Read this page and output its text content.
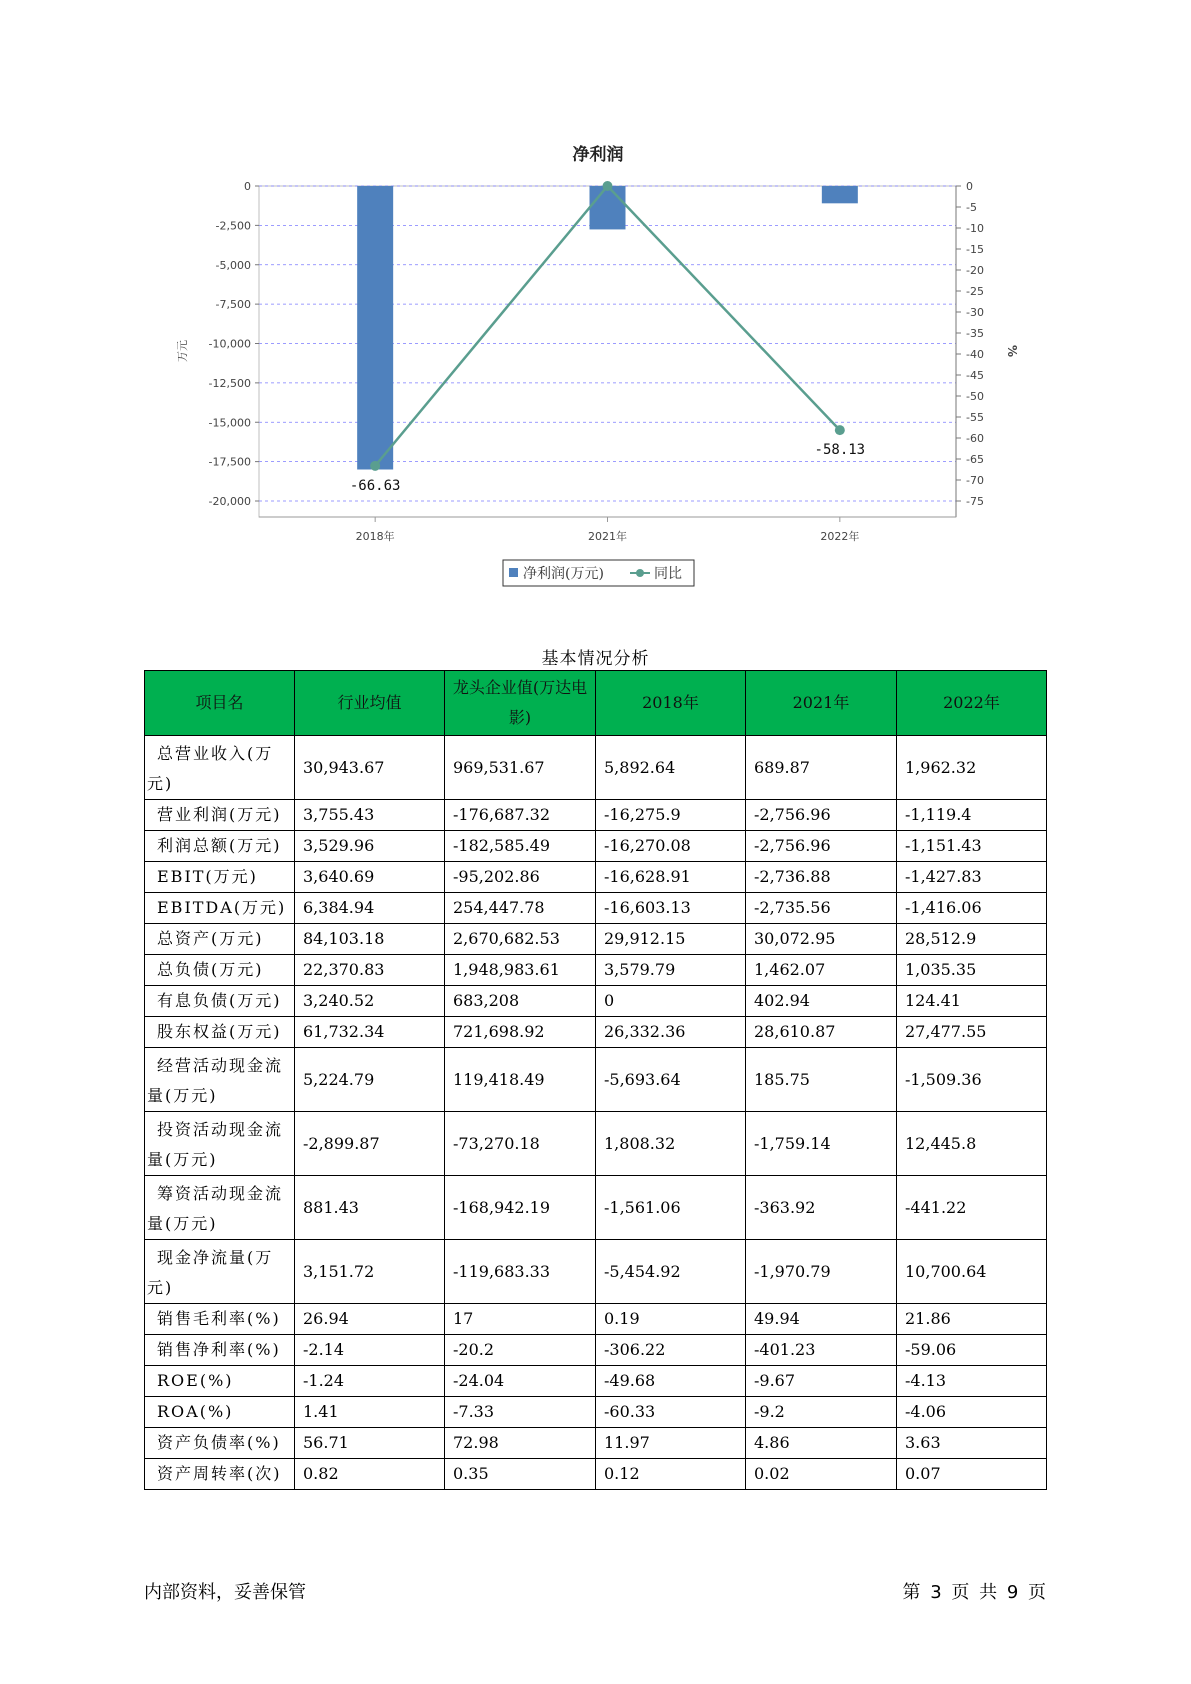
净利润
-66.63
-58.13
0
-2,500
-5,000
-7,500
-10,000
-12,500
-15,000
-17,500
-20,000
0
-5
-10
-15
-20
-25
-30
-35
-40
-45
-50
-55
-60
-65
-70
-75
2018年	2021年	2022年
万元	%
净利润(万元)	同比
基本情况分析
项目名	行业均值	龙头企业值(万达电影)	2018年	2021年	2022年

总营业收入(万元)	30,943.67	969,531.67	5,892.64	689.87	1,962.32

营业利润(万元)	3,755.43	-176,687.32	-16,275.9	-2,756.96	-1,119.4

利润总额(万元)	3,529.96	-182,585.49	-16,270.08	-2,756.96	-1,151.43

EBIT(万元)	3,640.69	-95,202.86	-16,628.91	-2,736.88	-1,427.83

EBITDA(万元)	6,384.94	254,447.78	-16,603.13	-2,735.56	-1,416.06

总资产(万元)	84,103.18	2,670,682.53	29,912.15	30,072.95	28,512.9

总负债(万元)	22,370.83	1,948,983.61	3,579.79	1,462.07	1,035.35

有息负债(万元)	3,240.52	683,208	0	402.94	124.41

股东权益(万元)	61,732.34	721,698.92	26,332.36	28,610.87	27,477.55

经营活动现金流量(万元)	5,224.79	119,418.49	-5,693.64	185.75	-1,509.36

投资活动现金流量(万元)	-2,899.87	-73,270.18	1,808.32	-1,759.14	12,445.8

筹资活动现金流量(万元)	881.43	-168,942.19	-1,561.06	-363.92	-441.22

现金净流量(万元)	3,151.72	-119,683.33	-5,454.92	-1,970.79	10,700.64

销售毛利率(%)	26.94	17	0.19	49.94	21.86

销售净利率(%)	-2.14	-20.2	-306.22	-401.23	-59.06

ROE(%)	-1.24	-24.04	-49.68	-9.67	-4.13

ROA(%)	1.41	-7.33	-60.33	-9.2	-4.06

资产负债率(%)	56.71	72.98	11.97	4.86	3.63

资产周转率(次)	0.82	0.35	0.12	0.02	0.07
内部资料，妥善保管	第 3 页 共 9 页
